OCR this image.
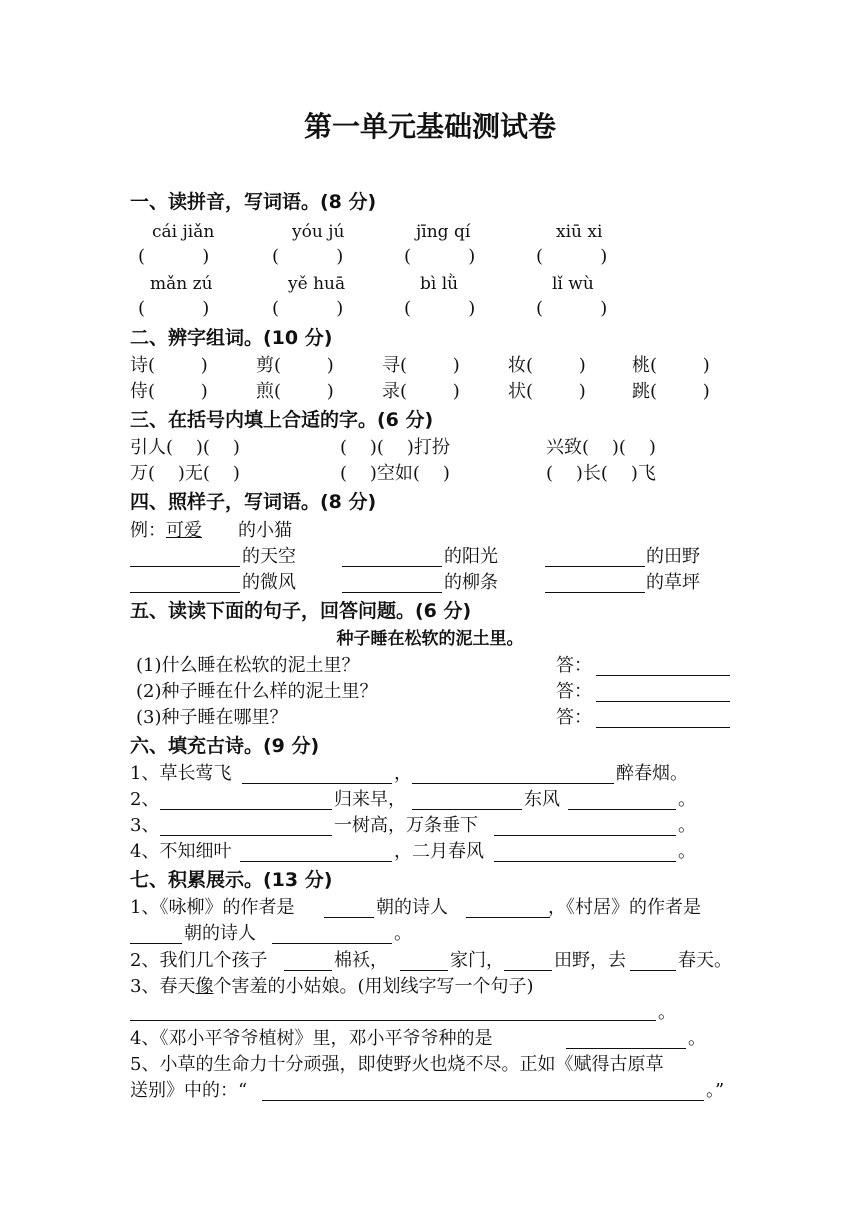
第一单元基础测试卷
一、读拼音，写词语。(8 分)
cái jiǎn	yóu jú	jīng qí	xiū xi
(          )	(          )	(          )	(          )
mǎn zú	yě huā	bì lǜ	lǐ wù
(          )	(          )	(          )	(          )
二、辨字组词。(10 分)
诗(        )	剪(        )	寻(        )	妆(        )	桃(        )
侍(        )	煎(        )	录(        )	状(        )	跳(        )
三、在括号内填上合适的字。(6 分)
引人(    )(    )	(    )(    )打扮	兴致(    )(    )
万(    )无(    )	(    )空如(    )	(    )长(    )飞
四、照样子，写词语。(8 分)
例：可爱 的小猫
的天空	的阳光	的田野
的微风	的柳条	的草坪
五、读读下面的句子，回答问题。(6 分)
种子睡在松软的泥土里。
(1)什么睡在松软的泥土里？	答：
(2)种子睡在什么样的泥土里？	答：
(3)种子睡在哪里？	答：
六、填充古诗。(9 分)
1、草长莺飞	，	醉春烟。
2、	归来早，	东风	。
3、	一树高，万条垂下	。
4、不知细叶	，二月春风	。
七、积累展示。(13 分)
1、《咏柳》的作者是	朝的诗人	，《村居》的作者是
朝的诗人	。
2、我们几个孩子	棉袄，	家门，	田野，去	春天。
3、春天像个害羞的小姑娘。(用划线字写一个句子)
。
4、《邓小平爷爷植树》里，邓小平爷爷种的是	。
5、小草的生命力十分顽强，即使野火也烧不尽。正如《赋得古原草
送别》中的：“	。”
